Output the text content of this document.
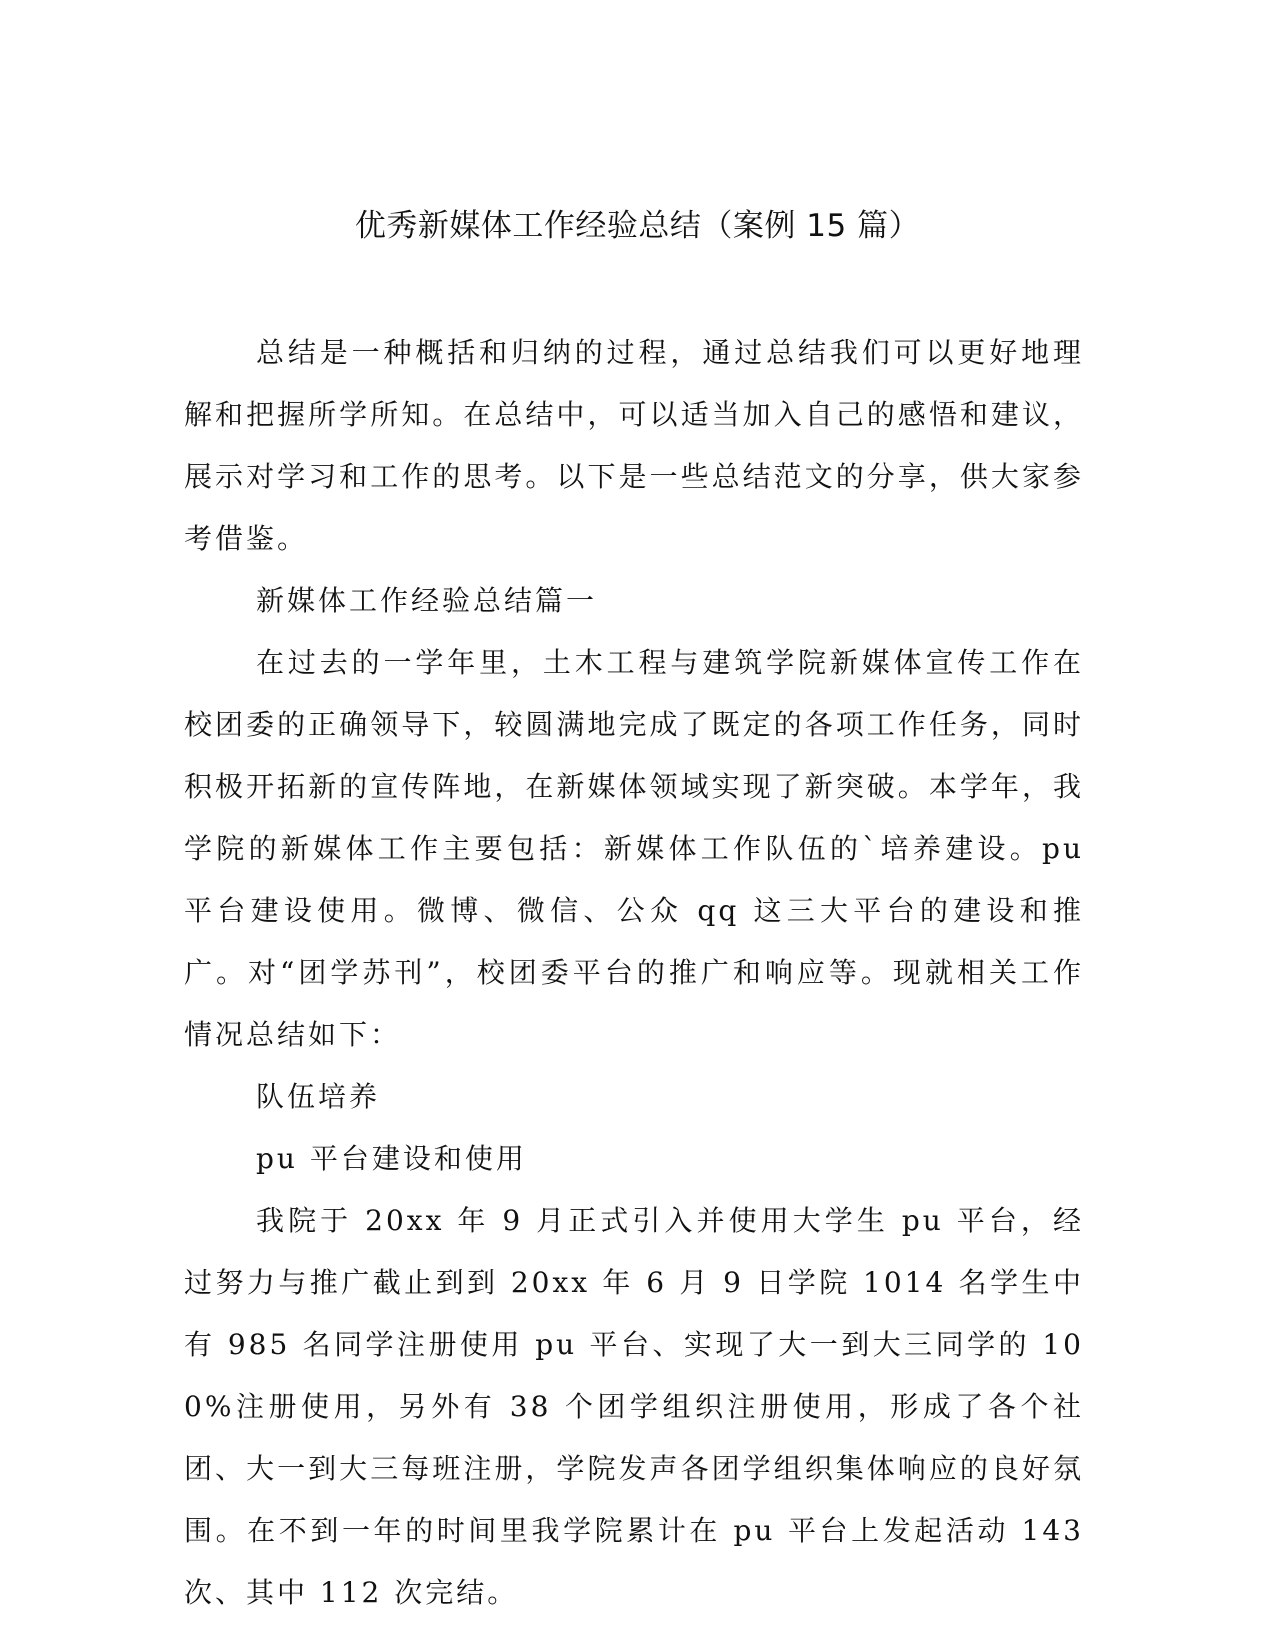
优秀新媒体工作经验总结（案例 15 篇）

总结是一种概括和归纳的过程，通过总结我们可以更好地理解和把握所学所知。在总结中，可以适当加入自己的感悟和建议，展示对学习和工作的思考。以下是一些总结范文的分享，供大家参考借鉴。

新媒体工作经验总结篇一

在过去的一学年里，土木工程与建筑学院新媒体宣传工作在校团委的正确领导下，较圆满地完成了既定的各项工作任务，同时积极开拓新的宣传阵地，在新媒体领域实现了新突破。本学年，我学院的新媒体工作主要包括：新媒体工作队伍的`培养建设。pu 平台建设使用。微博、微信、公众 qq 这三大平台的建设和推广。对“团学苏刊”，校团委平台的推广和响应等。现就相关工作情况总结如下：

队伍培养

pu 平台建设和使用

我院于 20xx 年 9 月正式引入并使用大学生 pu 平台，经过努力与推广截止到到 20xx 年 6 月 9 日学院 1014 名学生中有 985 名同学注册使用 pu 平台、实现了大一到大三同学的 100%注册使用，另外有 38 个团学组织注册使用，形成了各个社团、大一到大三每班注册，学院发声各团学组织集体响应的良好氛围。在不到一年的时间里我学院累计在 pu 平台上发起活动 143 次、其中 112 次完结。
